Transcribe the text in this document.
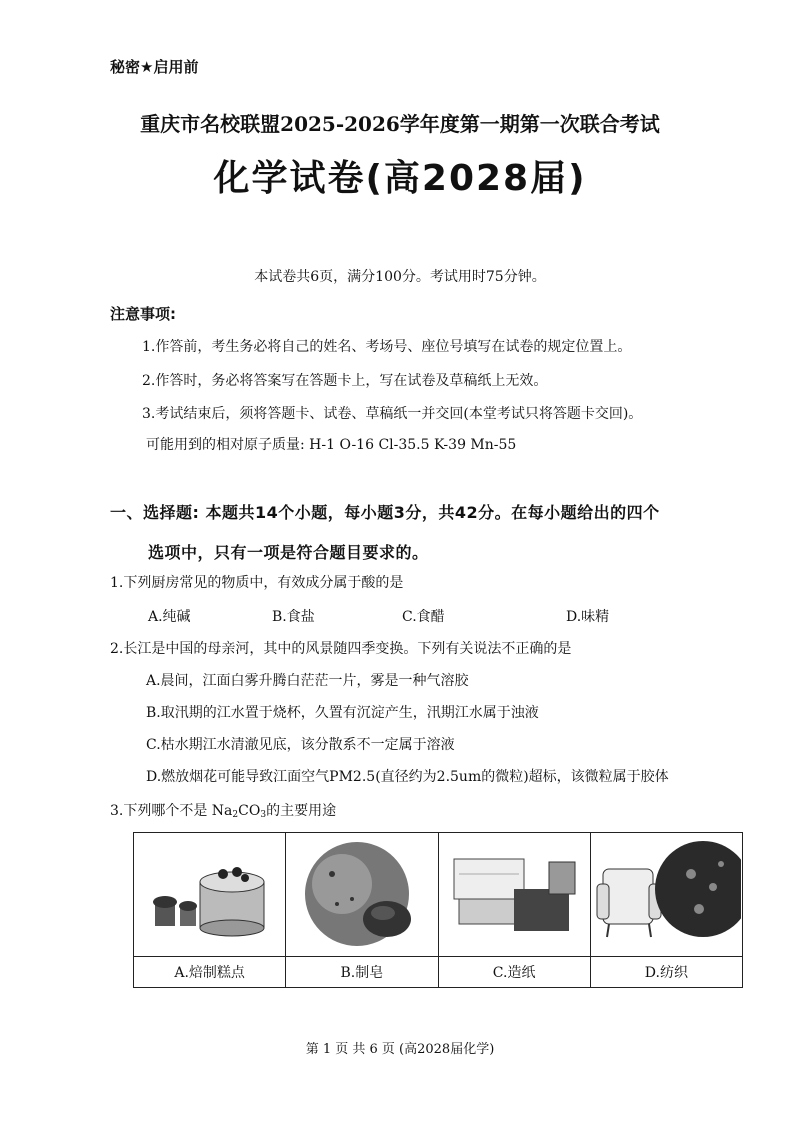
秘密★启用前
重庆市名校联盟2025-2026学年度第一期第一次联合考试
化学试卷(高2028届)
本试卷共6页，满分100分。考试用时75分钟。
注意事项:
1.作答前，考生务必将自己的姓名、考场号、座位号填写在试卷的规定位置上。
2.作答时，务必将答案写在答题卡上，写在试卷及草稿纸上无效。
3.考试结束后，须将答题卡、试卷、草稿纸一并交回(本堂考试只将答题卡交回)。
可能用到的相对原子质量: H-1 O-16 Cl-35.5 K-39 Mn-55
一、选择题: 本题共14个小题，每小题3分，共42分。在每小题给出的四个
选项中，只有一项是符合题目要求的。
1.下列厨房常见的物质中，有效成分属于酸的是
A.纯碱	B.食盐	C.食醋	D.味精
2.长江是中国的母亲河，其中的风景随四季变换。下列有关说法不正确的是
A.晨间，江面白雾升腾白茫茫一片，雾是一种气溶胶
B.取汛期的江水置于烧杯，久置有沉淀产生，汛期江水属于浊液
C.枯水期江水清澈见底，该分散系不一定属于溶液
D.燃放烟花可能导致江面空气PM2.5(直径约为2.5um的微粒)超标，该微粒属于胶体
3.下列哪个不是 $Na_2CO_3$的主要用途

A.焙制糕点	B.制皂	C.造纸	D.纺织
第 1 页 共 6 页 (高2028届化学)
